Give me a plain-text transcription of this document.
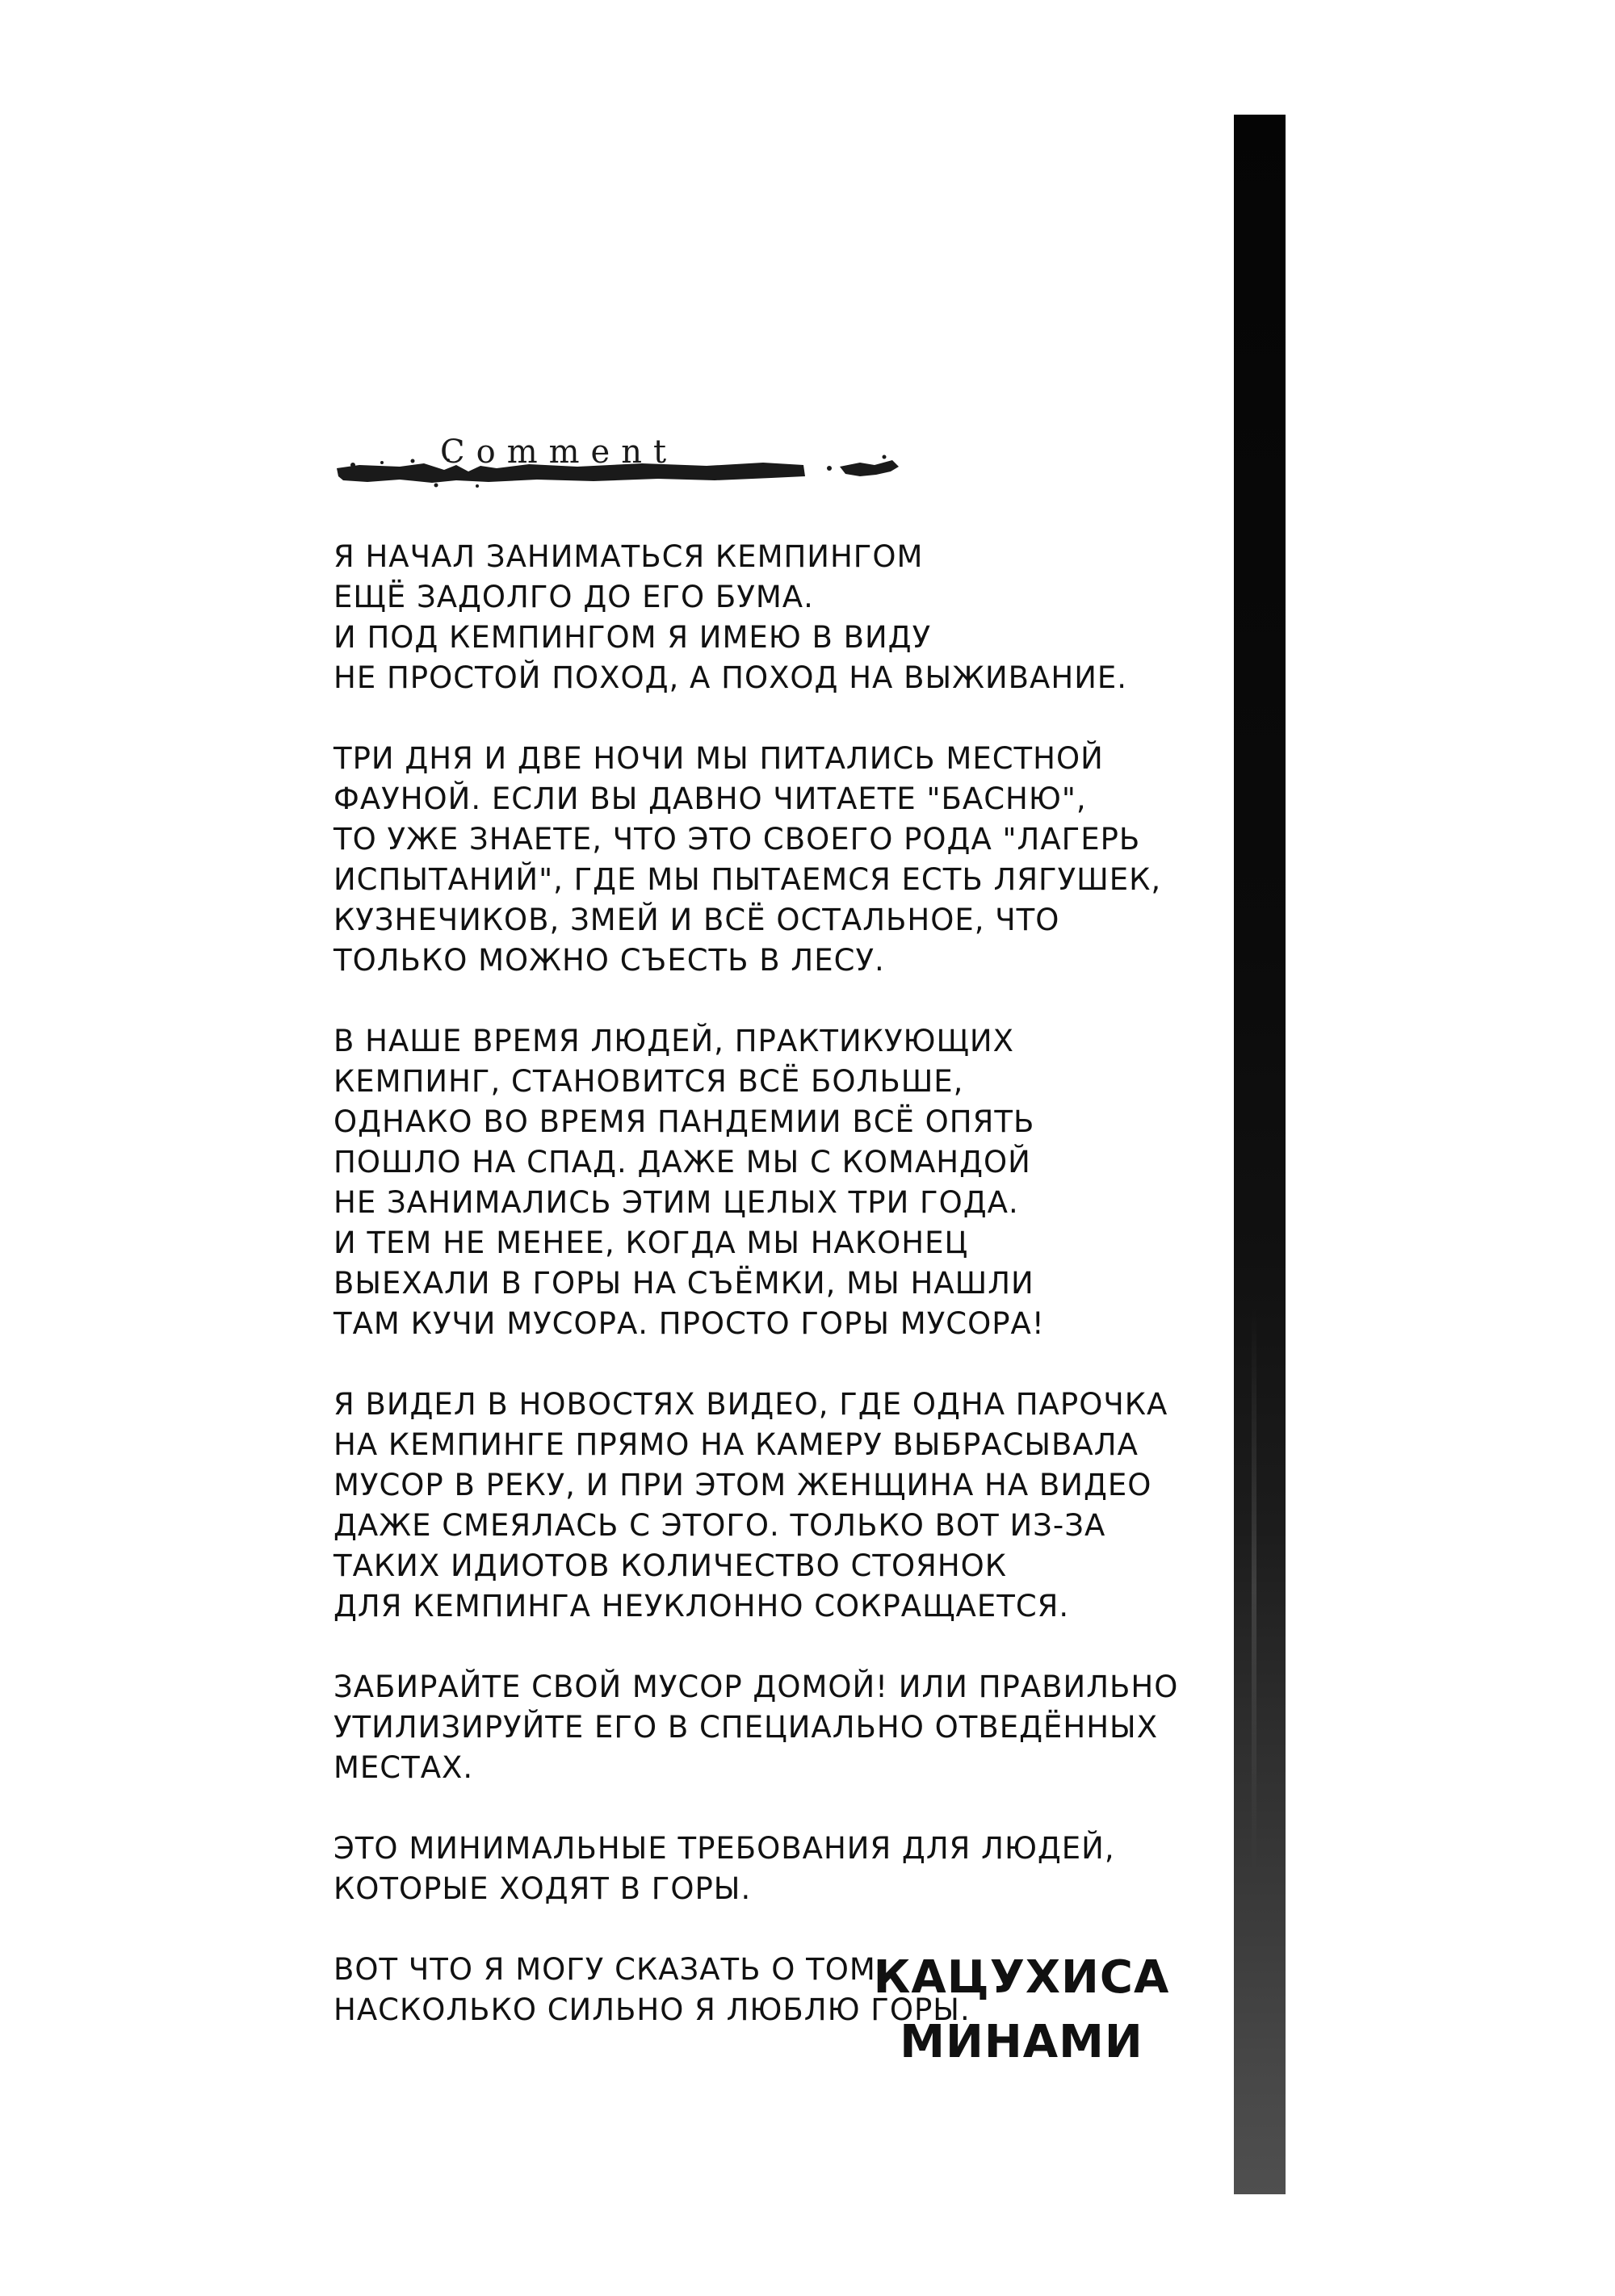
Comment
Я НАЧАЛ ЗАНИМАТЬСЯ КЕМПИНГОМ
ЕЩЁ ЗАДОЛГО ДО ЕГО БУМА.
И ПОД КЕМПИНГОМ Я ИМЕЮ В ВИДУ
НЕ ПРОСТОЙ ПОХОД, А ПОХОД НА ВЫЖИВАНИЕ.
ТРИ ДНЯ И ДВЕ НОЧИ МЫ ПИТАЛИСЬ МЕСТНОЙ
ФАУНОЙ. ЕСЛИ ВЫ ДАВНО ЧИТАЕТЕ "БАСНЮ",
ТО УЖЕ ЗНАЕТЕ, ЧТО ЭТО СВОЕГО РОДА "ЛАГЕРЬ
ИСПЫТАНИЙ", ГДЕ МЫ ПЫТАЕМСЯ ЕСТЬ ЛЯГУШЕК,
КУЗНЕЧИКОВ, ЗМЕЙ И ВСЁ ОСТАЛЬНОЕ, ЧТО
ТОЛЬКО МОЖНО СЪЕСТЬ В ЛЕСУ.
В НАШЕ ВРЕМЯ ЛЮДЕЙ, ПРАКТИКУЮЩИХ
КЕМПИНГ, СТАНОВИТСЯ ВСЁ БОЛЬШЕ,
ОДНАКО ВО ВРЕМЯ ПАНДЕМИИ ВСЁ ОПЯТЬ
ПОШЛО НА СПАД. ДАЖЕ МЫ С КОМАНДОЙ
НЕ ЗАНИМАЛИСЬ ЭТИМ ЦЕЛЫХ ТРИ ГОДА.
И ТЕМ НЕ МЕНЕЕ, КОГДА МЫ НАКОНЕЦ
ВЫЕХАЛИ В ГОРЫ НА СЪЁМКИ, МЫ НАШЛИ
ТАМ КУЧИ МУСОРА. ПРОСТО ГОРЫ МУСОРА!
Я ВИДЕЛ В НОВОСТЯХ ВИДЕО, ГДЕ ОДНА ПАРОЧКА
НА КЕМПИНГЕ ПРЯМО НА КАМЕРУ ВЫБРАСЫВАЛА
МУСОР В РЕКУ, И ПРИ ЭТОМ ЖЕНЩИНА НА ВИДЕО
ДАЖЕ СМЕЯЛАСЬ С ЭТОГО. ТОЛЬКО ВОТ ИЗ-ЗА
ТАКИХ ИДИОТОВ КОЛИЧЕСТВО СТОЯНОК
ДЛЯ КЕМПИНГА НЕУКЛОННО СОКРАЩАЕТСЯ.
ЗАБИРАЙТЕ СВОЙ МУСОР ДОМОЙ! ИЛИ ПРАВИЛЬНО
УТИЛИЗИРУЙТЕ ЕГО В СПЕЦИАЛЬНО ОТВЕДЁННЫХ
МЕСТАХ.
ЭТО МИНИМАЛЬНЫЕ ТРЕБОВАНИЯ ДЛЯ ЛЮДЕЙ,
КОТОРЫЕ ХОДЯТ В ГОРЫ.
ВОТ ЧТО Я МОГУ СКАЗАТЬ О ТОМ,
НАСКОЛЬКО СИЛЬНО Я ЛЮБЛЮ ГОРЫ.
КАЦУХИСА
МИНАМИ
